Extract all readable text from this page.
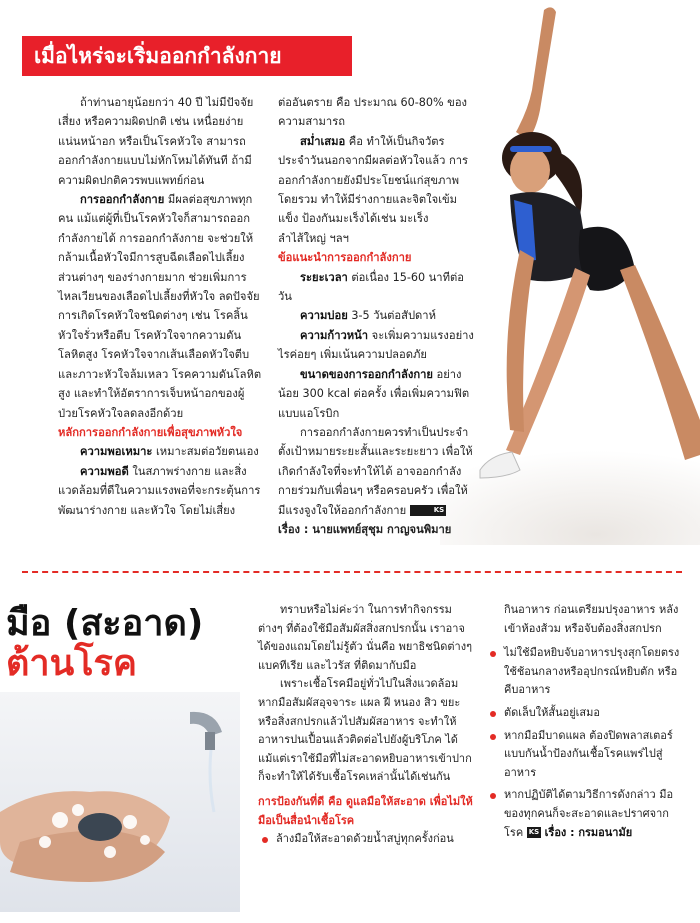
เมื่อไหร่จะเริ่มออกกำลังกาย

ถ้าท่านอายุน้อยกว่า 40 ปี ไม่มีปัจจัยเสี่ยง หรือความผิดปกติ เช่น เหนื่อยง่าย แน่นหน้าอก หรือเป็นโรคหัวใจ สามารถออกกำลังกายแบบไม่หักโหมได้ทันที ถ้ามีความผิดปกติควรพบแพทย์ก่อน

การออกกำลังกาย มีผลต่อสุขภาพทุกคน แม้แต่ผู้ที่เป็นโรคหัวใจก็สามารถออกกำลังกายได้ การออกกำลังกาย จะช่วยให้กล้ามเนื้อหัวใจมีการสูบฉีดเลือดไปเลี้ยงส่วนต่างๆ ของร่างกายมาก ช่วยเพิ่มการไหลเวียนของเลือดไปเลี้ยงที่หัวใจ ลดปัจจัยการเกิดโรคหัวใจชนิดต่างๆ เช่น โรคลิ้นหัวใจรั่วหรือตีบ โรคหัวใจจากความดันโลหิตสูง โรคหัวใจจากเส้นเลือดหัวใจตีบ และภาวะหัวใจล้มเหลว โรคความดันโลหิตสูง และทำให้อัตราการเจ็บหน้าอกของผู้ป่วยโรคหัวใจลดลงอีกด้วย

หลักการออกกำลังกายเพื่อสุขภาพหัวใจ

ความพอเหมาะ เหมาะสมต่อวัยตนเอง

ความพอดี ในสภาพร่างกาย และสิ่งแวดล้อมที่ดีในความแรงพอที่จะกระตุ้นการพัฒนาร่างกาย และหัวใจ โดยไม่เสี่ยง

ต่ออันตราย คือ ประมาณ 60-80% ของความสามารถ

สม่ำเสมอ คือ ทำให้เป็นกิจวัตรประจำวันนอกจากมีผลต่อหัวใจแล้ว การออกกำลังกายยังมีประโยชน์แก่สุขภาพโดยรวม ทำให้มีร่างกายและจิตใจเข้มแข็ง ป้องกันมะเร็งได้เช่น มะเร็งลำไส้ใหญ่ ฯลฯ

ข้อแนะนำการออกกำลังกาย

ระยะเวลา ต่อเนื่อง 15-60 นาทีต่อวัน

ความบ่อย 3-5 วันต่อสัปดาห์

ความก้าวหน้า จะเพิ่มความแรงอย่างไรค่อยๆ เพิ่มเน้นความปลอดภัย

ขนาดของการออกกำลังกาย อย่างน้อย 300 kcal ต่อครั้ง เพื่อเพิ่มความฟิต แบบแอโรบิก

การออกกำลังกายควรทำเป็นประจำตั้งเป้าหมายระยะสั้นและระยะยาว เพื่อให้เกิดกำลังใจที่จะทำให้ได้ อาจออกกำลังกายร่วมกับเพื่อนๆ หรือครอบครัว เพื่อให้มีแรงจูงใจให้ออกกำลังกาย	KS

เรื่อง : นายแพทย์สุชุม กาญจนพิมาย

มือ (สะอาด)
ต้านโรค

ทราบหรือไม่ค่ะว่า ในการทำกิจกรรมต่างๆ ที่ต้องใช้มือสัมผัสสิ่งสกปรกนั้น เราอาจได้ของแถมโดยไม่รู้ตัว นั่นคือ พยาธิชนิดต่างๆ แบคทีเรีย และไวรัส ที่ติดมากับมือ

เพราะเชื้อโรคมีอยู่ทั่วไปในสิ่งแวดล้อม หากมือสัมผัสอุจจาระ แผล ฝี หนอง สิว ขยะ หรือสิ่งสกปรกแล้วไปสัมผัสอาหาร จะทำให้อาหารปนเปื้อนแล้วติดต่อไปยังผู้บริโภค ได้ แม้แต่เราใช้มือที่ไม่สะอาดหยิบอาหารเข้าปาก ก็จะทำให้ได้รับเชื้อโรคเหล่านั้นได้เช่นกัน

การป้องกันที่ดี คือ ดูแลมือให้สะอาด เพื่อไม่ให้มือเป็นสื่อนำเชื้อโรค

ล้างมือให้สะอาดด้วยน้ำสบู่ทุกครั้งก่อน

กินอาหาร ก่อนเตรียมปรุงอาหาร หลังเข้าห้องส้วม หรือจับต้องสิ่งสกปรก

ไม่ใช้มือหยิบจับอาหารปรุงสุกโดยตรง ใช้ช้อนกลางหรืออุปกรณ์หยิบตัก หรือคีบอาหาร

ตัดเล็บให้สั้นอยู่เสมอ

หากมือมีบาดแผล ต้องปิดพลาสเตอร์ แบบกันน้ำป้องกันเชื้อโรคแพร่ไปสู่อาหาร

หากปฏิบัติได้ตามวิธีการดังกล่าว มือของทุกคนก็จะสะอาดและปราศจากโรค KS เรื่อง : กรมอนามัย
